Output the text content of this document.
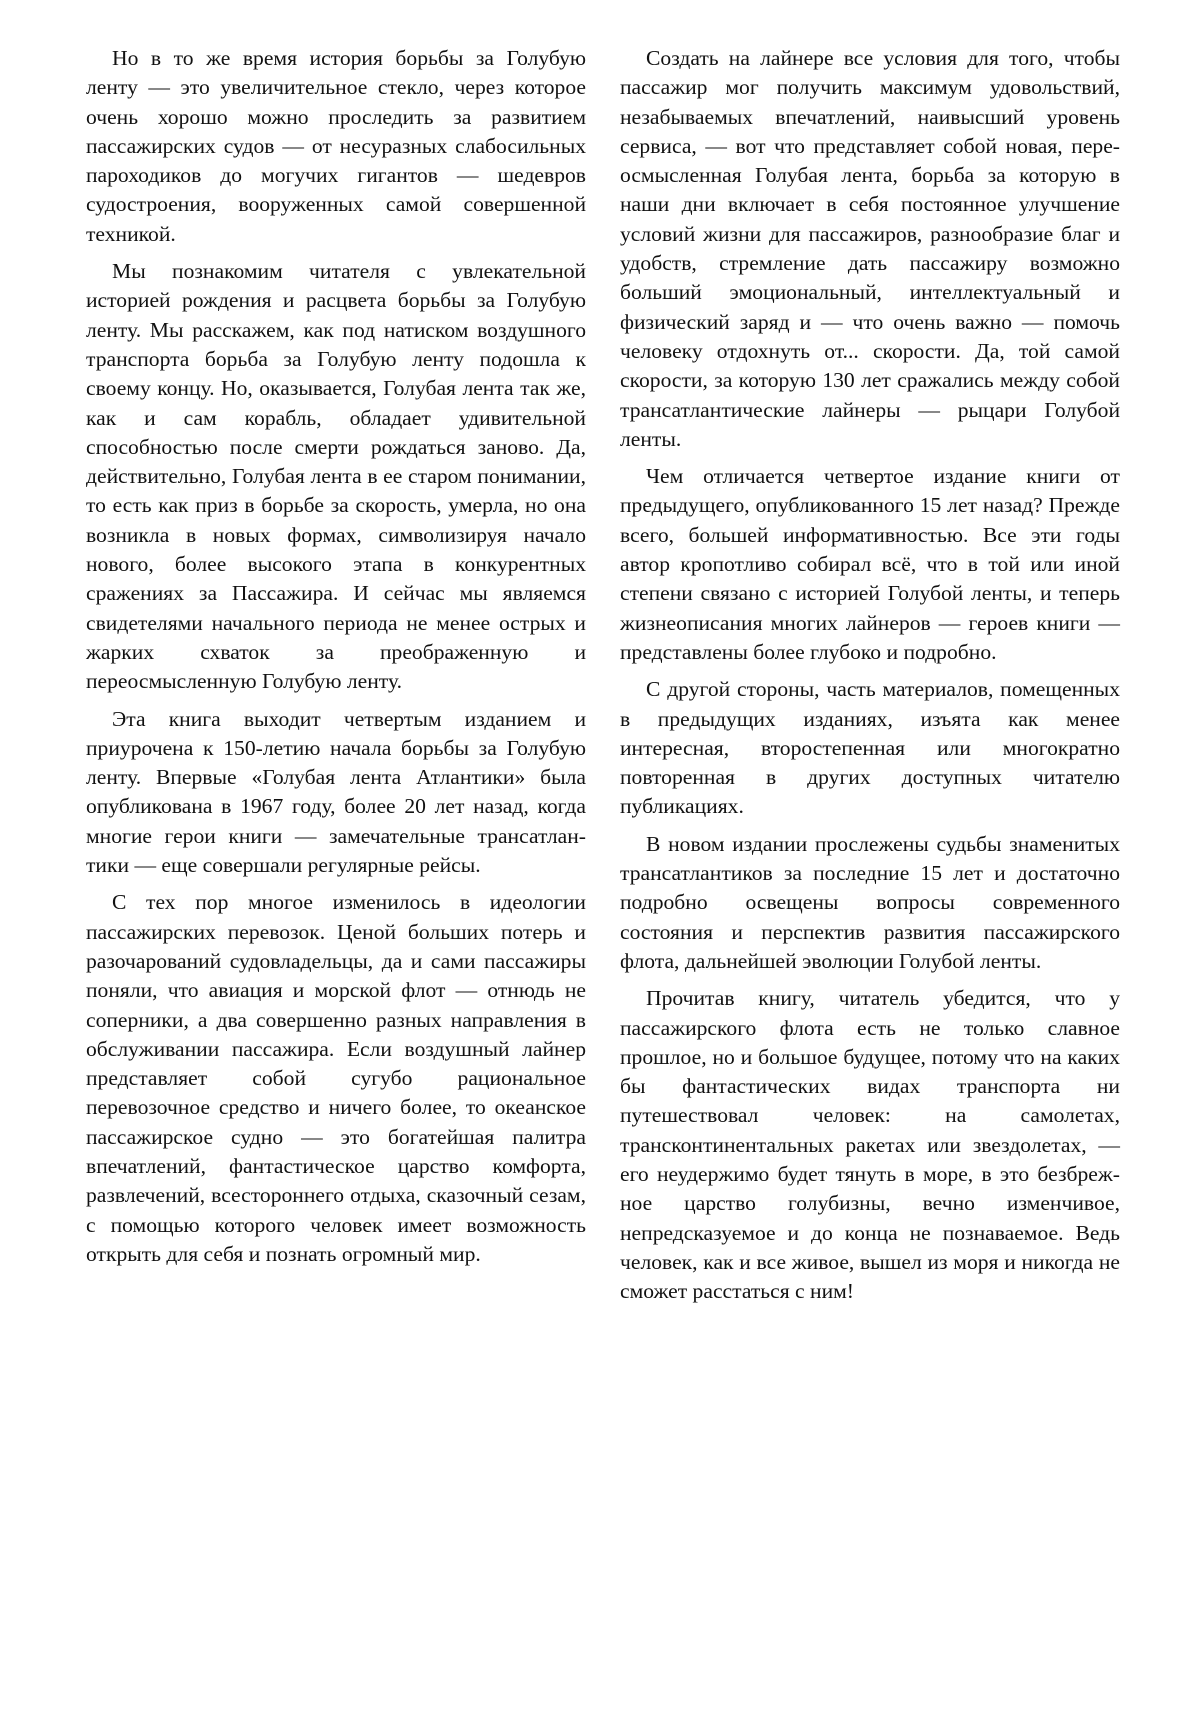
Но в то же время история борьбы за Голубую ленту — это увеличительное стекло, через которое очень хорошо можно проследить за развитием пассажирских судов — от несуразных слабосильных пароходиков до могучих гигантов — шедевров судостроения, вооруженных самой совершенной техникой.

Мы познакомим читателя с увлекательной историей рождения и расцвета борьбы за Голубую ленту. Мы расскажем, как под натиском воздушного транспорта борьба за Голубую ленту подошла к своему концу. Но, оказывается, Голубая лента так же, как и сам корабль, обладает удивительной способностью после смерти рождаться заново. Да, действительно, Голубая лента в ее старом понимании, то есть как приз в борьбе за скорость, умерла, но она возникла в новых формах, символизируя начало нового, более высокого этапа в конкурентных сражениях за Пассажира. И сейчас мы являемся свидетелями начального периода не менее острых и жарких схваток за преображенную и переосмысленную Голубую ленту.

Эта книга выходит четвертым изданием и приурочена к 150-летию начала борьбы за Голубую ленту. Впервые «Голубая лента Атлантики» была опубликована в 1967 году, более 20 лет назад, когда многие герои книги — замечательные трансатлантики — еще совершали регулярные рейсы.

С тех пор многое изменилось в идеологии пассажирских перевозок. Ценой больших потерь и разочарований судовладельцы, да и сами пассажиры поняли, что авиация и морской флот — отнюдь не соперники, а два совершенно разных направления в обслуживании пассажира. Если воздушный лайнер представляет собой сугубо рациональное перевозочное средство и ничего более, то океанское пассажирское судно — это богатейшая палитра впечатлений, фантастическое царство комфорта, развлечений, всестороннего отдыха, сказочный сезам, с помощью которого человек имеет возможность открыть для себя и познать огромный мир.

Создать на лайнере все условия для того, чтобы пассажир мог получить максимум удовольствий, незабываемых впечатлений, наивысший уровень сервиса, — вот что представляет собой новая, переосмысленная Голубая лента, борьба за которую в наши дни включает в себя постоянное улучшение условий жизни для пассажиров, разнообразие благ и удобств, стремление дать пассажиру возможно больший эмоциональный, интеллектуальный и физический заряд и — что очень важно — помочь человеку отдохнуть от... скорости. Да, той самой скорости, за которую 130 лет сражались между собой трансатлантические лайнеры — рыцари Голубой ленты.

Чем отличается четвертое издание книги от предыдущего, опубликованного 15 лет назад? Прежде всего, большей информативностью. Все эти годы автор кропотливо собирал всё, что в той или иной степени связано с историей Голубой ленты, и теперь жизнеописания многих лайнеров — героев книги — представлены более глубоко и подробно.

С другой стороны, часть материалов, помещенных в предыдущих изданиях, изъята как менее интересная, второстепенная или многократно повторенная в других доступных читателю публикациях.

В новом издании прослежены судьбы знаменитых трансатлантиков за последние 15 лет и достаточно подробно освещены вопросы современного состояния и перспектив развития пассажирского флота, дальнейшей эволюции Голубой ленты.

Прочитав книгу, читатель убедится, что у пассажирского флота есть не только славное прошлое, но и большое будущее, потому что на каких бы фантастических видах транспорта ни путешествовал человек: на самолетах, трансконтинентальных ракетах или звездолетах, — его неудержимо будет тянуть в море, в это безбрежное царство голубизны, вечно изменчивое, непредсказуемое и до конца не познаваемое. Ведь человек, как и все живое, вышел из моря и никогда не сможет расстаться с ним!
